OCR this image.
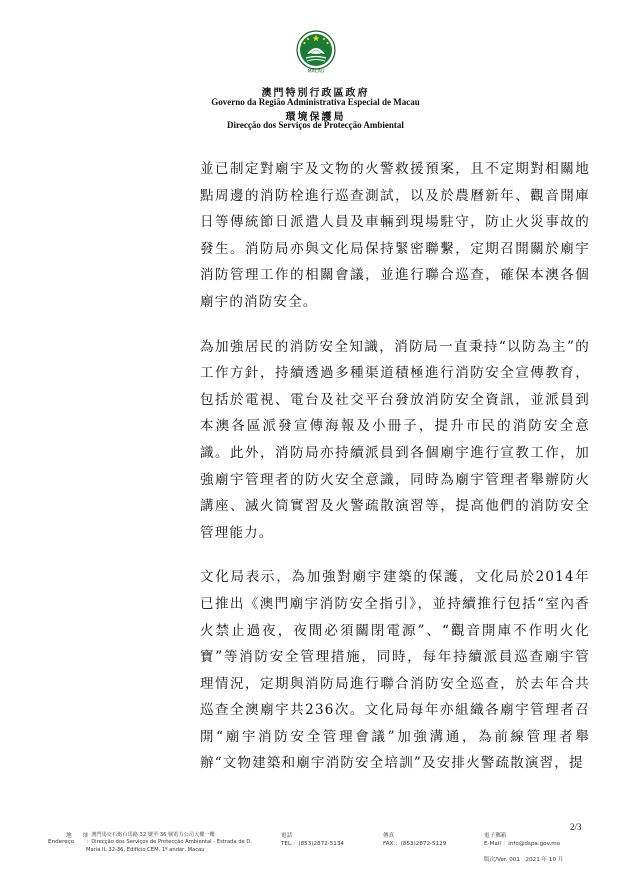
MACAU
澳門特別行政區政府
Governo da Região Administrativa Especial de Macau
環境保護局
Direcção dos Serviços de Protecção Ambiental

並已制定對廟宇及文物的火警救援預案，且不定期對相關地點周邊的消防栓進行巡查測試，以及於農曆新年、觀音開庫日等傳統節日派遣人員及車輛到現場駐守，防止火災事故的發生。消防局亦與文化局保持緊密聯繫，定期召開關於廟宇消防管理工作的相關會議，並進行聯合巡查，確保本澳各個廟宇的消防安全。

為加強居民的消防安全知識，消防局一直秉持“以防為主”的工作方針，持續透過多種渠道積極進行消防安全宣傳教育，包括於電視、電台及社交平台發放消防安全資訊，並派員到本澳各區派發宣傳海報及小冊子，提升市民的消防安全意識。此外，消防局亦持續派員到各個廟宇進行宣教工作，加強廟宇管理者的防火安全意識，同時為廟宇管理者舉辦防火講座、滅火筒實習及火警疏散演習等，提高他們的消防安全管理能力。

文化局表示，為加強對廟宇建築的保護，文化局於2014年已推出《澳門廟宇消防安全指引》，並持續推行包括“室內香火禁止過夜，夜間必須關閉電源”、“觀音開庫不作明火化寶”等消防安全管理措施，同時，每年持續派員巡查廟宇管理情況，定期與消防局進行聯合消防安全巡查，於去年合共巡查全澳廟宇共236次。文化局每年亦組織各廟宇管理者召開“廟宇消防安全管理會議”加強溝通，為前線管理者舉辦“文物建築和廟宇消防安全培訓”及安排火警疏散演習，提

2/3
地　　址
Endereço
：澳門馬交石炮台馬路 32 號至 36 號電力公司大樓一樓
：Direcção dos Serviços de Protecção Ambiental - Estrada de D. Maria II, 32-36, Edifício CEM, 1º andar, Macau
電話
TEL.：(853)2872-5134
傳真
FAX.：(853)2872-5129
電子郵箱
E-Mail ：info@dspa.gov.mo
版次/Ver. 001　2021 年 10 月
